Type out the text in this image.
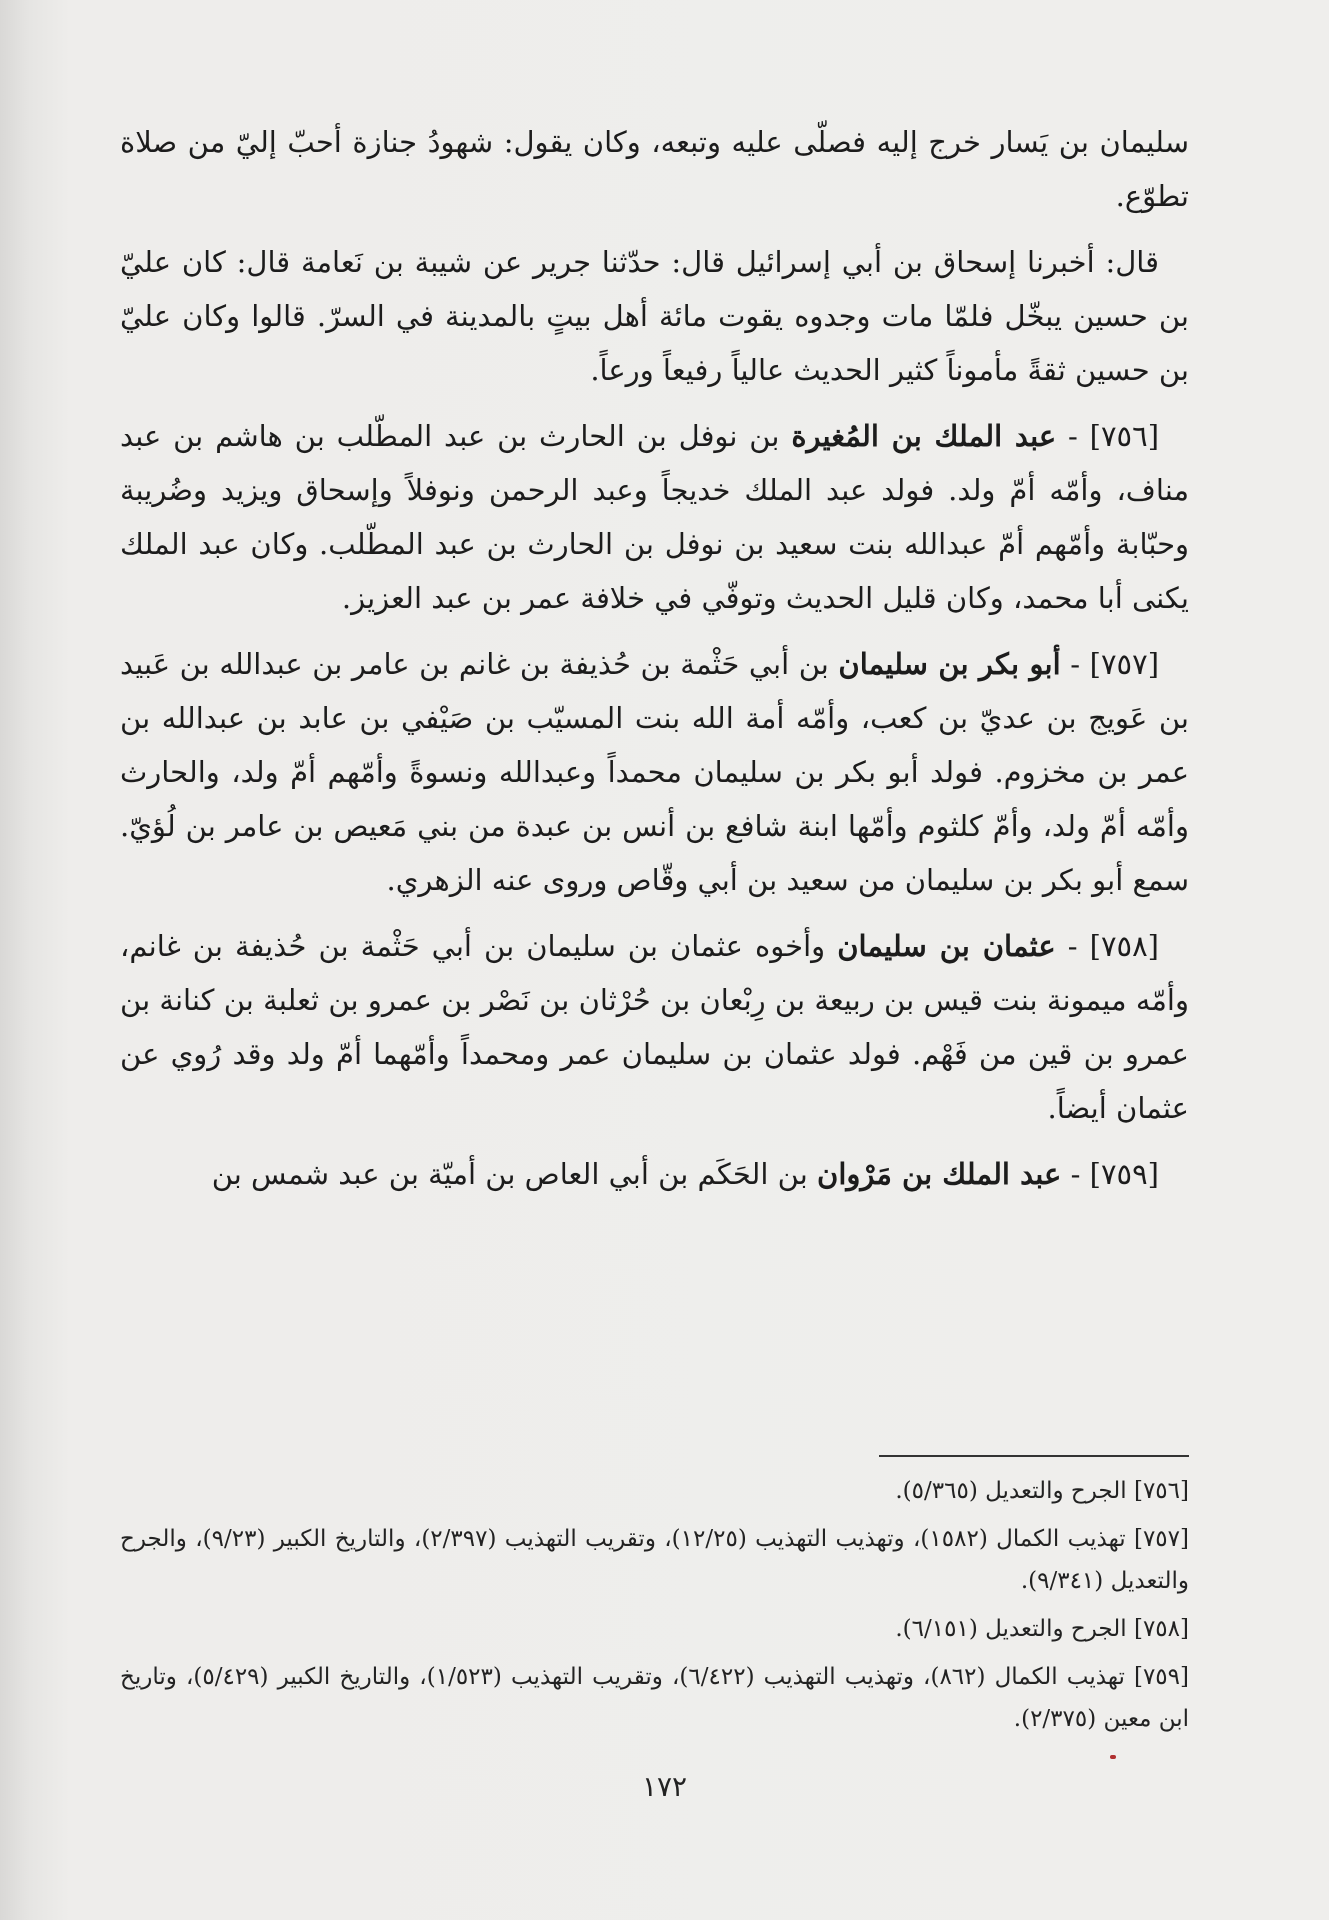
سليمان بن يَسار خرج إليه فصلّى عليه وتبعه، وكان يقول: شهودُ جنازة أحبّ إليّ من صلاة تطوّع.

قال: أخبرنا إسحاق بن أبي إسرائيل قال: حدّثنا جرير عن شيبة بن نَعامة قال: كان عليّ بن حسين يبخّل فلمّا مات وجدوه يقوت مائة أهل بيتٍ بالمدينة في السرّ. قالوا وكان عليّ بن حسين ثقةً مأموناً كثير الحديث عالياً رفيعاً ورعاً.

[٧٥٦] - عبد الملك بن المُغيرة بن نوفل بن الحارث بن عبد المطّلب بن هاشم بن عبد مناف، وأمّه أمّ ولد. فولد عبد الملك خديجاً وعبد الرحمن ونوفلاً وإسحاق ويزيد وضُريبة وحبّابة وأمّهم أمّ عبدالله بنت سعيد بن نوفل بن الحارث بن عبد المطّلب. وكان عبد الملك يكنى أبا محمد، وكان قليل الحديث وتوفّي في خلافة عمر بن عبد العزيز.

[٧٥٧] - أبو بكر بن سليمان بن أبي حَثْمة بن حُذيفة بن غانم بن عامر بن عبدالله بن عَبيد بن عَويج بن عديّ بن كعب، وأمّه أمة الله بنت المسيّب بن صَيْفي بن عابد بن عبدالله بن عمر بن مخزوم. فولد أبو بكر بن سليمان محمداً وعبدالله ونسوةً وأمّهم أمّ ولد، والحارث وأمّه أمّ ولد، وأمّ كلثوم وأمّها ابنة شافع بن أنس بن عبدة من بني مَعيص بن عامر بن لُؤيّ. سمع أبو بكر بن سليمان من سعيد بن أبي وقّاص وروى عنه الزهري.

[٧٥٨] - عثمان بن سليمان وأخوه عثمان بن سليمان بن أبي حَثْمة بن حُذيفة بن غانم، وأمّه ميمونة بنت قيس بن ربيعة بن رِبْعان بن حُرْثان بن نَصْر بن عمرو بن ثعلبة بن كنانة بن عمرو بن قين من فَهْم. فولد عثمان بن سليمان عمر ومحمداً وأمّهما أمّ ولد وقد رُوي عن عثمان أيضاً.

[٧٥٩] - عبد الملك بن مَرْوان بن الحَكَم بن أبي العاص بن أميّة بن عبد شمس بن

[٧٥٦] الجرح والتعديل (٥/٣٦٥).

[٧٥٧] تهذيب الكمال (١٥٨٢)، وتهذيب التهذيب (١٢/٢٥)، وتقريب التهذيب (٢/٣٩٧)، والتاريخ الكبير (٩/٢٣)، والجرح والتعديل (٩/٣٤١).

[٧٥٨] الجرح والتعديل (٦/١٥١).

[٧٥٩] تهذيب الكمال (٨٦٢)، وتهذيب التهذيب (٦/٤٢٢)، وتقريب التهذيب (١/٥٢٣)، والتاريخ الكبير (٥/٤٢٩)، وتاريخ ابن معين (٢/٣٧٥).

١٧٢
